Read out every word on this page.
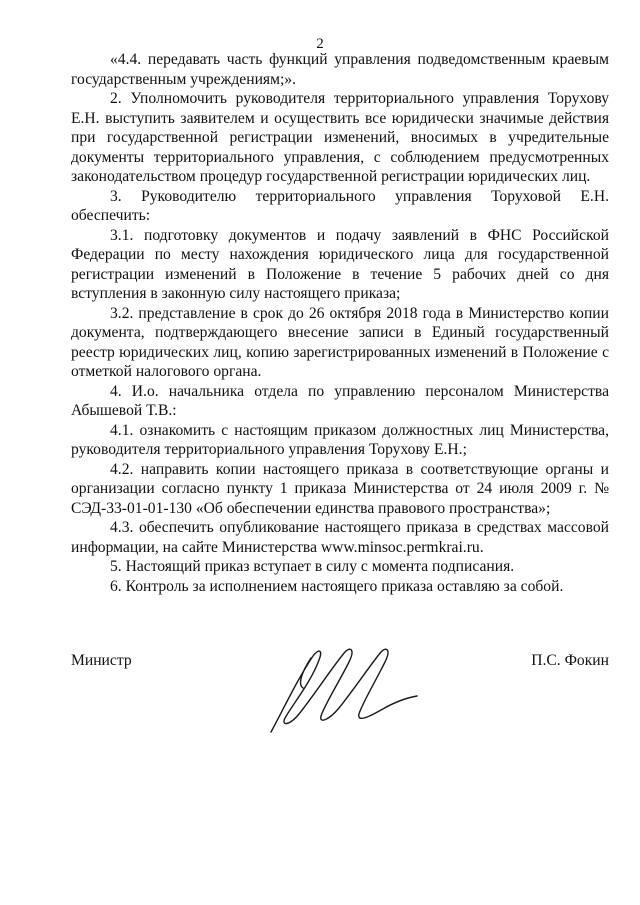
2

«4.4. передавать часть функций управления подведомственным краевым государственным учреждениям;».

2. Уполномочить руководителя территориального управления Торухову Е.Н. выступить заявителем и осуществить все юридически значимые действия при государственной регистрации изменений, вносимых в учредительные документы территориального управления, с соблюдением предусмотренных законодательством процедур государственной регистрации юридических лиц.

3. Руководителю территориального управления Торуховой Е.Н. обеспечить:

3.1. подготовку документов и подачу заявлений в ФНС Российской Федерации по месту нахождения юридического лица для государственной регистрации изменений в Положение в течение 5 рабочих дней со дня вступления в законную силу настоящего приказа;

3.2. представление в срок до 26 октября 2018 года в Министерство копии документа, подтверждающего внесение записи в Единый государственный реестр юридических лиц, копию зарегистрированных изменений в Положение с отметкой налогового органа.

4. И.о. начальника отдела по управлению персоналом Министерства Абышевой Т.В.:

4.1. ознакомить с настоящим приказом должностных лиц Министерства, руководителя территориального управления Торухову Е.Н.;

4.2. направить копии настоящего приказа в соответствующие органы и организации согласно пункту 1 приказа Министерства от 24 июля 2009 г. № СЭД-33-01-01-130 «Об обеспечении единства правового пространства»;

4.3. обеспечить опубликование настоящего приказа в средствах массовой информации, на сайте Министерства www.minsoc.permkrai.ru.

5. Настоящий приказ вступает в силу с момента подписания.

6. Контроль за исполнением настоящего приказа оставляю за собой.

Министр	П.С. Фокин
